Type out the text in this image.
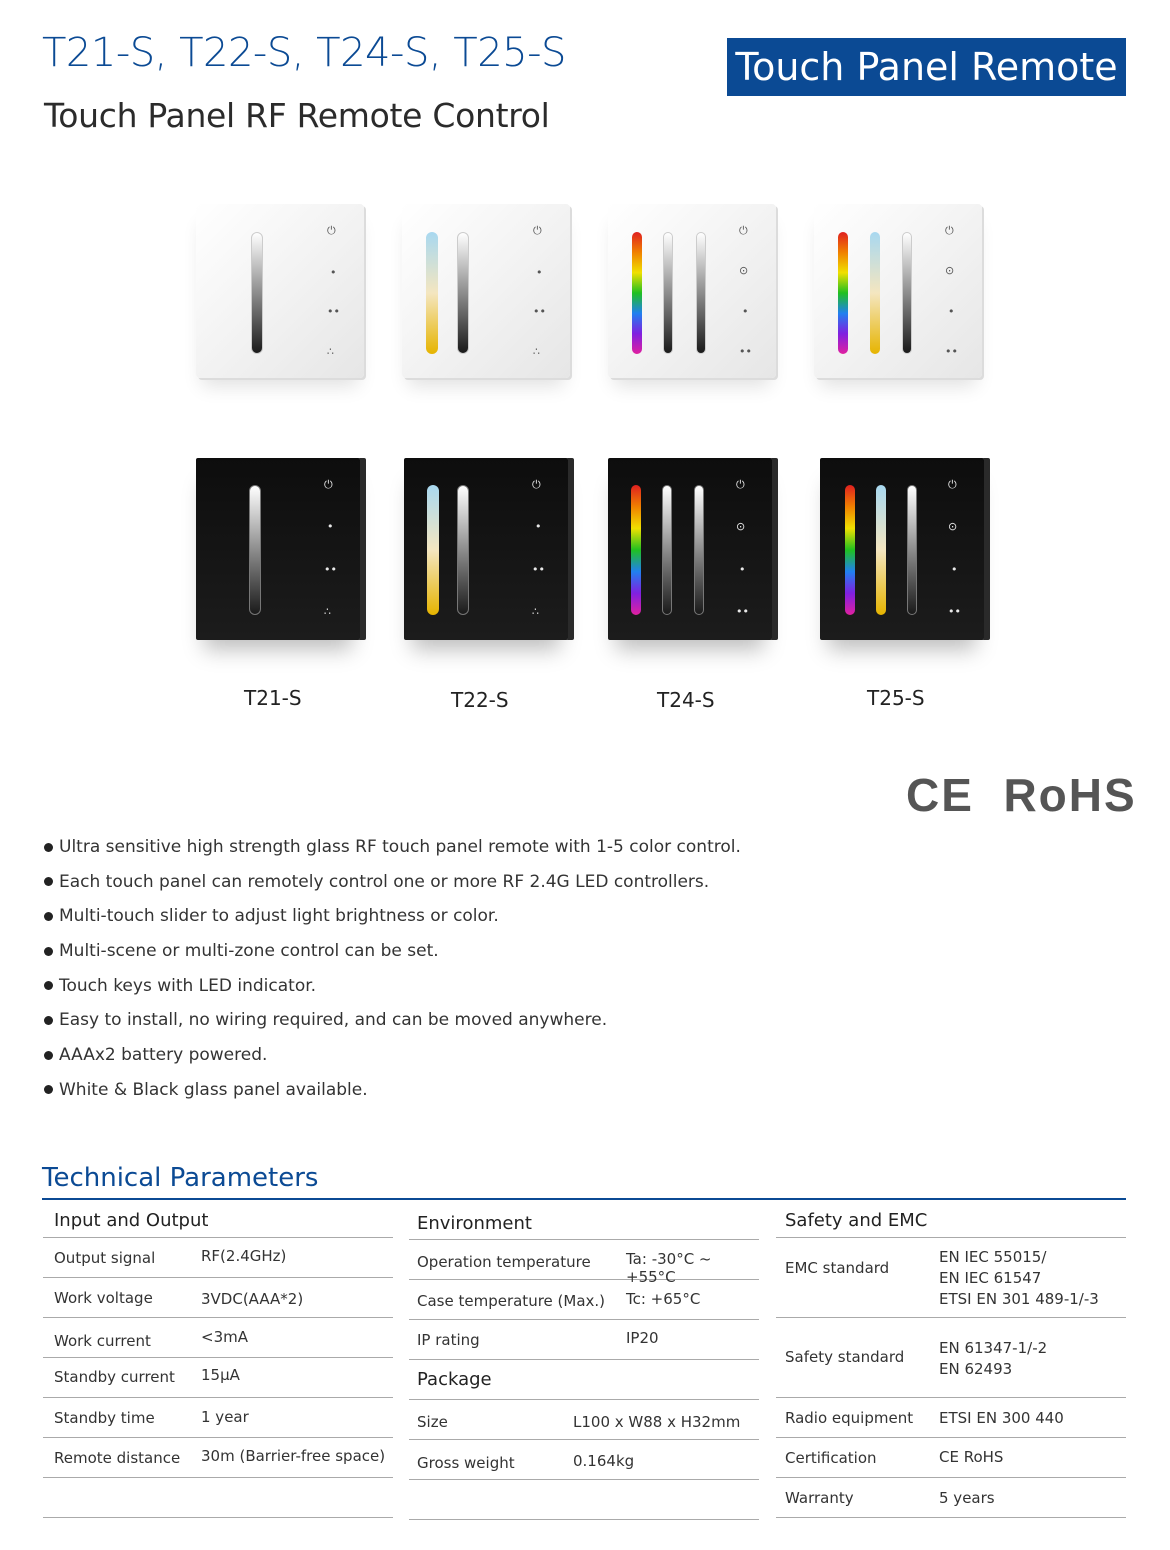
T21-S, T22-S, T24-S, T25-S
Touch Panel RF Remote Control
Touch Panel Remote
⏻
•
••
∴
⏻
•
••
∴
⏻
⊙
•
••
⏻
⊙
•
••
⏻
•
••
∴
⏻
•
••
∴
⏻
⊙
•
••
⏻
⊙
•
••
T21-S	T22-S	T24-S	T25-S
CE  RoHS
Ultra sensitive high strength glass RF touch panel remote with 1-5 color control.
Each touch panel can remotely control one or more RF 2.4G LED controllers.
Multi-touch slider to adjust light brightness or color.
Multi-scene or multi-zone control can be set.
Touch keys with LED indicator.
Easy to install, no wiring required, and can be moved anywhere.
AAAx2 battery powered.
White & Black glass panel available.
Technical Parameters
Input and Output
Output signal	RF(2.4GHz)
Work voltage	3VDC(AAA*2)
Work current	<3mA
Standby current 15μA
Standby time	1 year
Remote distance 30m (Barrier-free space)
Environment
Operation temperature Ta: -30°C ~ +55°C
Case temperature (Max.) Tc: +65°C
IP rating	IP20
Package
Size	L100 x W88 x H32mm
Gross weight	0.164kg
Safety and EMC
EMC standard
EN IEC 55015/
EN IEC 61547
ETSI EN 301 489-1/-3
Safety standard EN 61347-1/-2
EN 62493
Radio equipment ETSI EN 300 440
Certification	CE RoHS
Warranty	5 years
